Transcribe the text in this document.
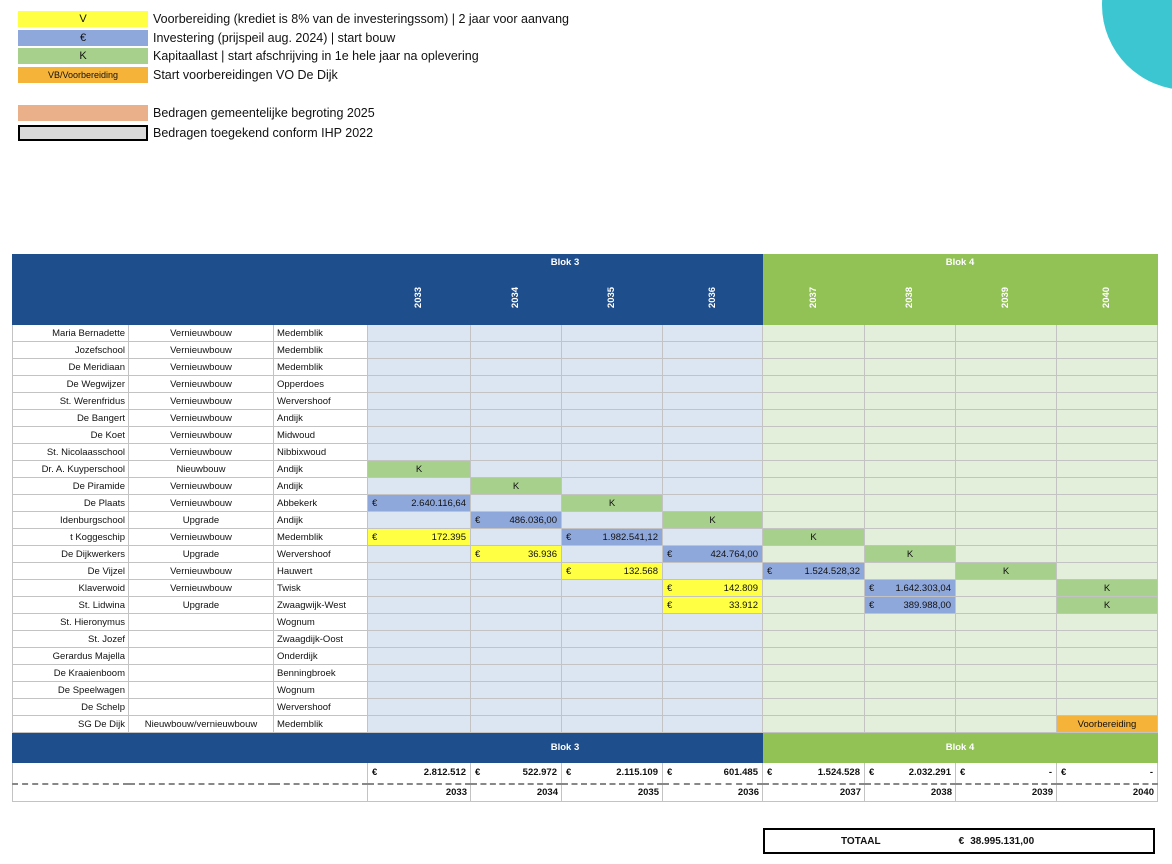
V	Voorbereiding (krediet is 8% van de investeringssom) | 2 jaar voor aanvang
€	Investering (prijspeil aug. 2024) | start bouw
K	Kapitaallast | start afschrijving in 1e hele jaar na oplevering
VB/Voorbereiding	Start voorbereidingen VO De Dijk
Bedragen gemeentelijke begroting 2025
Bedragen toegekend conform IHP 2022
			Blok 3				Blok 4			
			2033	2034	2035	2036	2037	2038	2039	2040
Maria Bernadette	Vernieuwbouw	Medemblik								
Jozefschool	Vernieuwbouw	Medemblik								
De Meridiaan	Vernieuwbouw	Medemblik								
De Wegwijzer	Vernieuwbouw	Opperdoes								
St. Werenfridus	Vernieuwbouw	Wervershoof								
De Bangert	Vernieuwbouw	Andijk								
De Koet	Vernieuwbouw	Midwoud								
St. Nicolaasschool	Vernieuwbouw	Nibbixwoud								
Dr. A. Kuyperschool	Nieuwbouw	Andijk	K							
De Piramide	Vernieuwbouw	Andijk		K						
De Plaats	Vernieuwbouw	Abbekerk	€ 2.640.116,64		K					
Idenburgschool	Upgrade	Andijk		€ 486.036,00		K				
t Koggeschip	Vernieuwbouw	Medemblik	€ 172.395		€ 1.982.541,12		K			
De Dijkwerkers	Upgrade	Wervershoof		€ 36.936		€ 424.764,00		K		
De Vijzel	Vernieuwbouw	Hauwert			€ 132.568		€ 1.524.528,32		K	
Klaverwoid	Vernieuwbouw	Twisk				€ 142.809		€ 1.642.303,04		K
St. Lidwina	Upgrade	Zwaagwijk-West				€ 33.912		€ 389.988,00		K
St. Hieronymus		Wognum								
St. Jozef		Zwaagdijk-Oost								
Gerardus Majella		Onderdijk								
De Kraaienboom		Benningbroek								
De Speelwagen		Wognum								
De Schelp		Wervershoof								
SG De Dijk	Nieuwbouw/vernieuwbouw	Medemblik								Voorbereiding
			Blok 3				Blok 4			

			€ 2.812.512	€ 522.972	€ 2.115.109	€ 601.485	€ 1.524.528	€ 2.032.291	€ -	€ -

			2033	2034	2035	2036	2037	2038	2039	2040
TOTAAL	€ 38.995.131,00
